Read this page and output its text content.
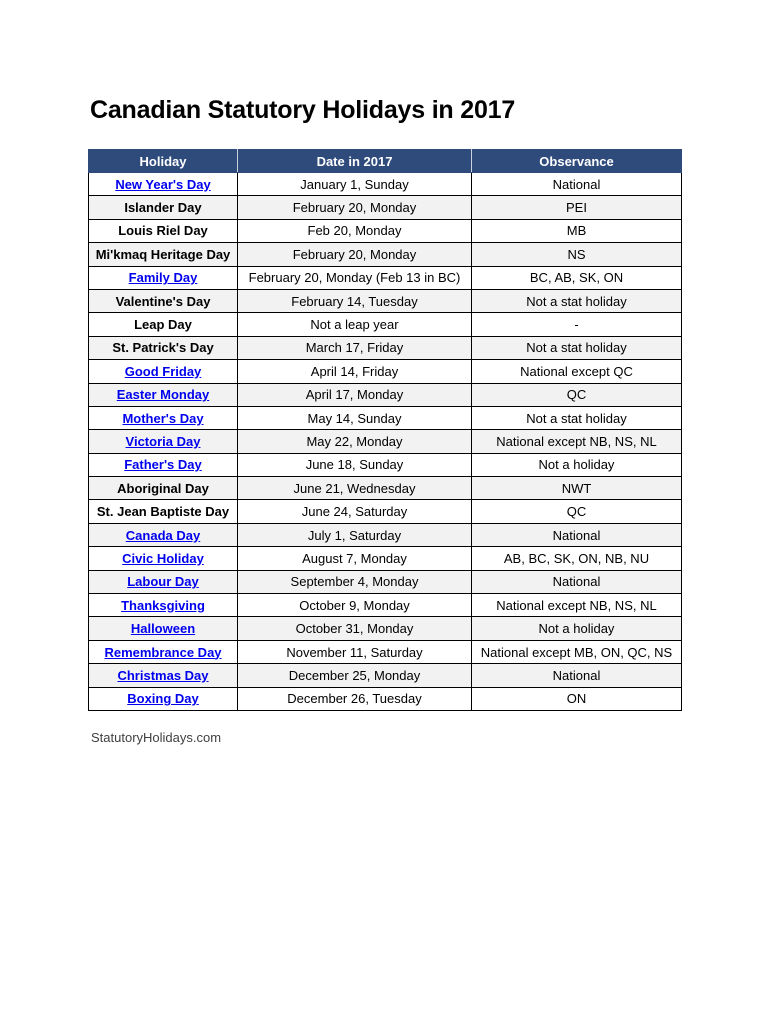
Canadian Statutory Holidays in 2017
Holiday	Date in 2017	Observance
New Year's Day	January 1, Sunday	National
Islander Day	February 20, Monday	PEI
Louis Riel Day	Feb 20, Monday	MB
Mi'kmaq Heritage Day	February 20, Monday	NS
Family Day	February 20, Monday (Feb 13 in BC)	BC, AB, SK, ON
Valentine's Day	February 14, Tuesday	Not a stat holiday
Leap Day	Not a leap year	-
St. Patrick's Day	March 17, Friday	Not a stat holiday
Good Friday	April 14, Friday	National except QC
Easter Monday	April 17, Monday	QC
Mother's Day	May 14, Sunday	Not a stat holiday
Victoria Day	May 22, Monday	National except NB, NS, NL
Father's Day	June 18, Sunday	Not a holiday
Aboriginal Day	June 21, Wednesday	NWT
St. Jean Baptiste Day	June 24, Saturday	QC
Canada Day	July 1, Saturday	National
Civic Holiday	August 7, Monday	AB, BC, SK, ON, NB, NU
Labour Day	September 4, Monday	National
Thanksgiving	October 9, Monday	National except NB, NS, NL
Halloween	October 31, Monday	Not a holiday
Remembrance Day	November 11, Saturday	National except MB, ON, QC, NS
Christmas Day	December 25, Monday	National
Boxing Day	December 26, Tuesday	ON
StatutoryHolidays.com
